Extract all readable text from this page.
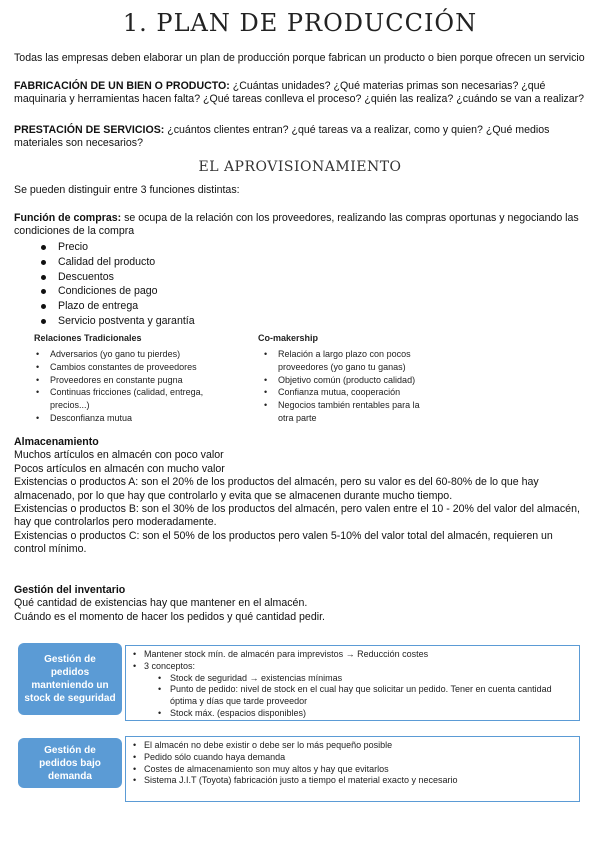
1. PLAN DE PRODUCCIÓN

Todas las empresas deben elaborar un plan de producción porque fabrican un producto o bien porque ofrecen un servicio

FABRICACIÓN DE UN BIEN O PRODUCTO: ¿Cuántas unidades? ¿Qué materias primas son necesarias? ¿qué maquinaria y herramientas hacen falta? ¿Qué tareas conlleva el proceso? ¿quién las realiza? ¿cuándo se van a realizar?

PRESTACIÓN DE SERVICIOS: ¿cuántos clientes entran? ¿qué tareas va a realizar, como y quien? ¿Qué medios materiales son necesarios?

EL APROVISIONAMIENTO

Se pueden distinguir entre 3 funciones distintas:

Función de compras: se ocupa de la relación con los proveedores, realizando las compras oportunas y negociando las condiciones de la compra

Precio
Calidad del producto
Descuentos
Condiciones de pago
Plazo de entrega
Servicio postventa y garantía
Relaciones Tradicionales
• Adversarios (yo gano tu pierdes)
• Cambios constantes de proveedores
• Proveedores en constante pugna
• Continuas fricciones (calidad, entrega, precios...)
• Desconfianza mutua
Co-makership
• Relación a largo plazo con pocos proveedores (yo gano tu ganas)
• Objetivo común (producto calidad)
• Confianza mutua, cooperación
• Negocios también rentables para la otra parte
Almacenamiento
Muchos artículos en almacén con poco valor
Pocos artículos en almacén con mucho valor
Existencias o productos A: son el 20% de los productos del almacén, pero su valor es del 60-80% de lo que hay almacenado, por lo que hay que controlarlo y evita que se almacenen durante mucho tiempo.
Existencias o productos B: son el 30% de los productos del almacén, pero valen entre el 10 - 20% del valor del almacén, hay que controlarlos pero moderadamente.
Existencias o productos C: son el 50% de los productos pero valen 5-10% del valor total del almacén, requieren un control mínimo.
Gestión del inventario
Qué cantidad de existencias hay que mantener en el almacén.
Cuándo es el momento de hacer los pedidos y qué cantidad pedir.
Gestión de pedidos manteniendo un stock de seguridad
• Mantener stock mín. de almacén para imprevistos → Reducción costes
• 3 conceptos:
• Stock de seguridad → existencias mínimas
• Punto de pedido: nivel de stock en el cual hay que solicitar un pedido. Tener en cuenta cantidad óptima y días que tarde proveedor
• Stock máx. (espacios disponibles)
Gestión de pedidos bajo demanda
• El almacén no debe existir o debe ser lo más pequeño posible
• Pedido sólo cuando haya demanda
• Costes de almacenamiento son muy altos y hay que evitarlos
• Sistema J.I.T (Toyota) fabricación justo a tiempo el material exacto y necesario
